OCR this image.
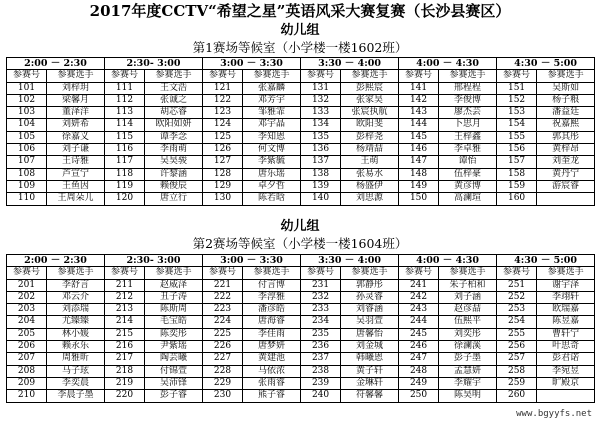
2017年度CCTV“希望之星”英语风采大赛复赛（长沙县赛区）
幼儿组
第1赛场等候室（小学楼一楼1602班）
2:00 － 2:30		2:30- 3:00		3:00 － 3:30		3:30 － 4:00		4:00 － 4:30		4:30 － 5:00	
参赛号	参赛选手	参赛号	参赛选手	参赛号	参赛选手	参赛号	参赛选手	参赛号	参赛选手	参赛号	参赛选手
101	刘梓玥	111	王文浩	121	张嘉麟	131	彭熙宸	141	邢程程	151	吴斯如
102	梁馨月	112	张诚之	122	邓芳宇	132	张家昊	142	李俊博	152	杨子粮
103	董泽洋	113	胡芯睿	123	邹雅霏	133	张宸执航	143	廖杰芸	153	潘益廷
104	刘妍希	114	欧阳如妍	124	邓宇晶	134	欧阳斐	144	卜思月	154	祝嘉熙
105	徐嘉义	115	谭李念	125	李知恩	135	彭梓尧	145	王梓鑫	155	郭其彤
106	刘子谦	116	李雨萌	126	何文博	136	杨靖喆	146	李卓雅	156	黄梓昂
107	王诗雅	117	吴昊骏	127	李紫毓	137	王萌	147	谭怡	157	刘奎龙
108	芦宣宁	118	许黎涵	128	唐乐瑶	138	张易水	148	伍梓豪	158	黄丹宁
109	王鱼因	119	赖俊辰	129	卓夕哲	139	杨盛伊	149	黄彦博	159	游宸睿
110	王周朵儿	120	唐立行	130	陈若晗	140	刘思源	150	高澜瑄	160	
幼儿组
第2赛场等候室（小学楼一楼1604班）
2:00 － 2:30		2:30- 3:00		3:00 － 3:30		3:30 － 4:00		4:00 － 4:30		4:30 － 5:00	
参赛号	参赛选手	参赛号	参赛选手	参赛号	参赛选手	参赛号	参赛选手	参赛号	参赛选手	参赛号	参赛选手
201	李舒言	211	赵威泽	221	付言博	231	郭静彤	241	朱子柏和	251	谢宇泽
202	邓云介	212	丑子涛	222	李淳雅	232	孙灵睿	242	刘子涵	252	李翊轩
203	刘添瑞	213	陈斯周	223	潘彦皓	233	刘睿涵	243	赵彦喆	253	欧瑞嘉
204	尤臻臻	214	毛宝皓	224	唐海睿	234	吴羽萱	244	伍熙平	254	陈昱嘉
205	林小媛	215	陈奕彤	225	李佳雨	235	唐馨怡	245	刘奕彤	255	曹轩宁
206	赖永乐	216	尹紫瑶	226	唐梦妍	236	刘金城	246	徐澜溪	256	叶思奇
207	周雅昕	217	陶芸曦	227	黄建池	237	韩曦恩	247	彭子墨	257	彭君诺
208	马子玹	218	付锦萱	228	马依浓	238	黄子轩	248	孟慧妍	258	李宛昱
209	李奕晨	219	吴沛锋	229	张雨睿	239	金琳轩	249	李耀宇	259	旷殿京
210	李晨子墨	220	彭子睿	230	熊子睿	240	符馨馨	250	陈昊明	260	
www.bgyyfs.net
